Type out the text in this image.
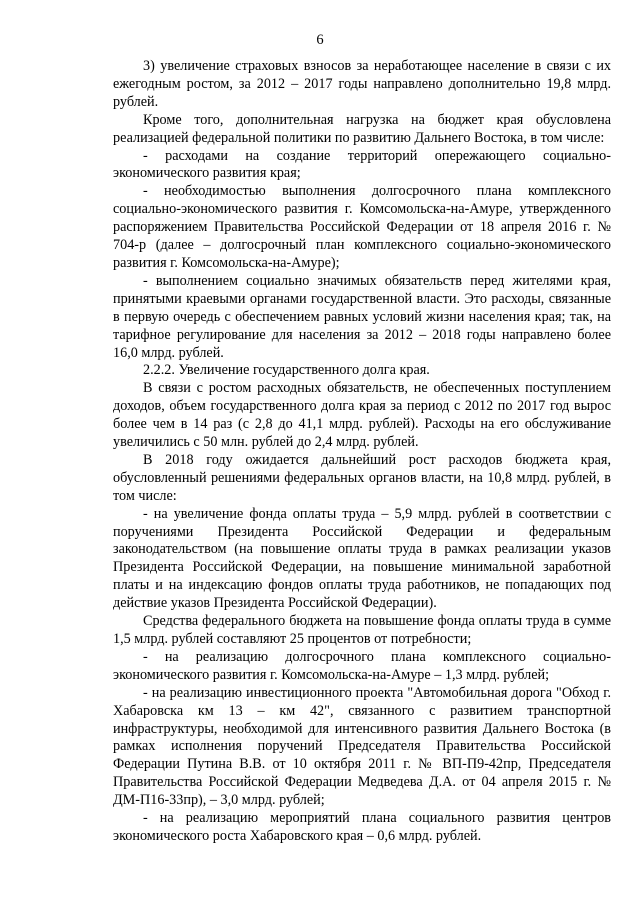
6

3) увеличение страховых взносов за неработающее население в связи с их ежегодным ростом, за 2012 – 2017 годы направлено дополнительно 19,8 млрд. рублей.

Кроме того, дополнительная нагрузка на бюджет края обусловлена реализацией федеральной политики по развитию Дальнего Востока, в том числе:

- расходами на создание территорий опережающего социально-экономического развития края;

- необходимостью выполнения долгосрочного плана комплексного социально-экономического развития г. Комсомольска-на-Амуре, утвержденного распоряжением Правительства Российской Федерации от 18 апреля 2016 г. № 704-р (далее – долгосрочный план комплексного социально-экономического развития г. Комсомольска-на-Амуре);

- выполнением социально значимых обязательств перед жителями края, принятыми краевыми органами государственной власти. Это расходы, связанные в первую очередь с обеспечением равных условий жизни населения края; так, на тарифное регулирование для населения за 2012 – 2018 годы направлено более 16,0 млрд. рублей.

2.2.2. Увеличение государственного долга края.

В связи с ростом расходных обязательств, не обеспеченных поступлением доходов, объем государственного долга края за период с 2012 по 2017 год вырос более чем в 14 раз (с 2,8 до 41,1 млрд. рублей). Расходы на его обслуживание увеличились с 50 млн. рублей до 2,4 млрд. рублей.

В 2018 году ожидается дальнейший рост расходов бюджета края, обусловленный решениями федеральных органов власти, на 10,8 млрд. рублей, в том числе:

- на увеличение фонда оплаты труда – 5,9 млрд. рублей в соответствии с поручениями Президента Российской Федерации и федеральным законодательством (на повышение оплаты труда в рамках реализации указов Президента Российской Федерации, на повышение минимальной заработной платы и на индексацию фондов оплаты труда работников, не попадающих под действие указов Президента Российской Федерации).

Средства федерального бюджета на повышение фонда оплаты труда в сумме 1,5 млрд. рублей составляют 25 процентов от потребности;

- на реализацию долгосрочного плана комплексного социально-экономического развития г. Комсомольска-на-Амуре – 1,3 млрд. рублей;

- на реализацию инвестиционного проекта "Автомобильная дорога "Обход г. Хабаровска км 13 – км 42", связанного с развитием транспортной инфраструктуры, необходимой для интенсивного развития Дальнего Востока (в рамках исполнения поручений Председателя Правительства Российской Федерации Путина В.В. от 10 октября 2011 г. № ВП-П9-42пр, Председателя Правительства Российской Федерации Медведева Д.А. от 04 апреля 2015 г. № ДМ-П16-33пр), – 3,0 млрд. рублей;

- на реализацию мероприятий плана социального развития центров экономического роста Хабаровского края – 0,6 млрд. рублей.
